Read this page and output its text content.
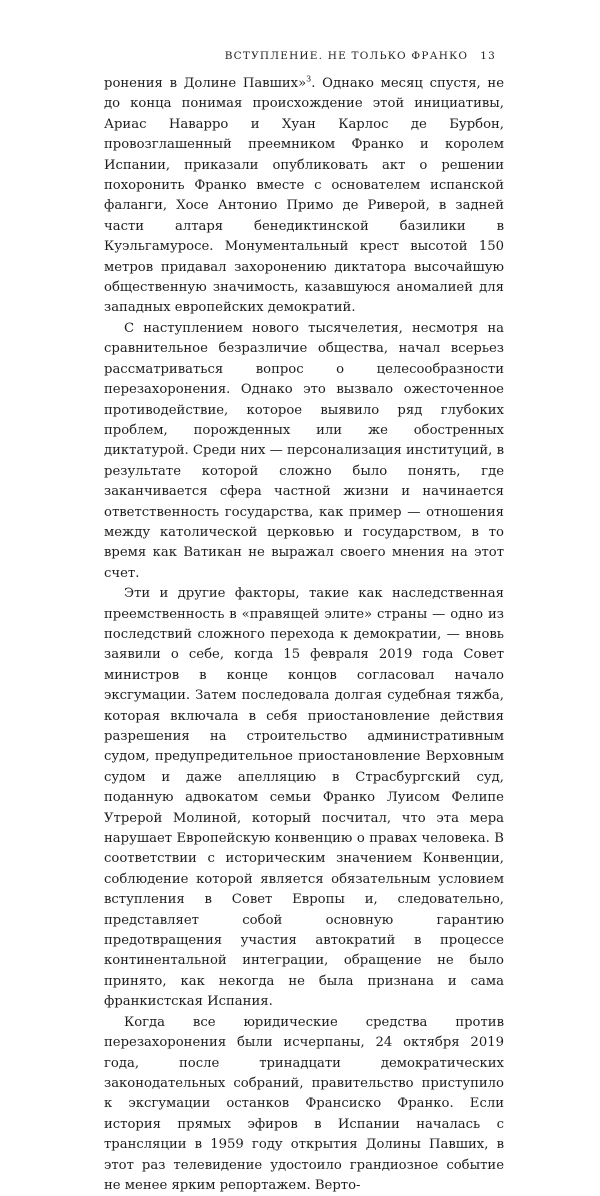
ВСТУПЛЕНИЕ. НЕ ТОЛЬКО ФРАНКО 13

ронения в Долине Павших»$^3$. Однако месяц спустя, не до конца понимая происхождение этой инициативы, Ариас Наварро и Хуан Карлос де Бурбон, провозглашенный преемником Франко и королем Испании, приказали опубликовать акт о решении похоронить Франко вместе с основателем испанской фаланги, Хосе Антонио Примо де Риверой, в задней части алтаря бенедиктинской базилики в Куэльгамуросе. Монументальный крест высотой 150 метров придавал захоронению диктатора высочайшую общественную значимость, казавшуюся аномалией для западных европейских демократий.

С наступлением нового тысячелетия, несмотря на сравнительное безразличие общества, начал всерьез рассматриваться вопрос о целесообразности перезахоронения. Однако это вызвало ожесточенное противодействие, которое выявило ряд глубоких проблем, порожденных или же обостренных диктатурой. Среди них — персонализация институций, в результате которой сложно было понять, где заканчивается сфера частной жизни и начинается ответственность государства, как пример — отношения между католической церковью и государством, в то время как Ватикан не выражал своего мнения на этот счет.

Эти и другие факторы, такие как наследственная преемственность в «правящей элите» страны — одно из последствий сложного перехода к демократии, — вновь заявили о себе, когда 15 февраля 2019 года Совет министров в конце концов согласовал начало эксгумации. Затем последовала долгая судебная тяжба, которая включала в себя приостановление действия разрешения на строительство административным судом, предупредительное приостановление Верховным судом и даже апелляцию в Страсбургский суд, поданную адвокатом семьи Франко Луисом Фелипе Утрерой Молиной, который посчитал, что эта мера нарушает Европейскую конвенцию о правах человека. В соответствии с историческим значением Конвенции, соблюдение которой является обязательным условием вступления в Совет Европы и, следовательно, представляет собой основную гарантию предотвращения участия автократий в процессе континентальной интеграции, обращение не было принято, как некогда не была признана и сама франкистская Испания.

Когда все юридические средства против перезахоронения были исчерпаны, 24 октября 2019 года, после тринадцати демократических законодательных собраний, правительство приступило к эксгумации останков Франсиско Франко. Если история прямых эфиров в Испании началась с трансляции в 1959 году открытия Долины Павших, в этот раз телевидение удостоило грандиозное событие не менее ярким репортажем. Верто-
